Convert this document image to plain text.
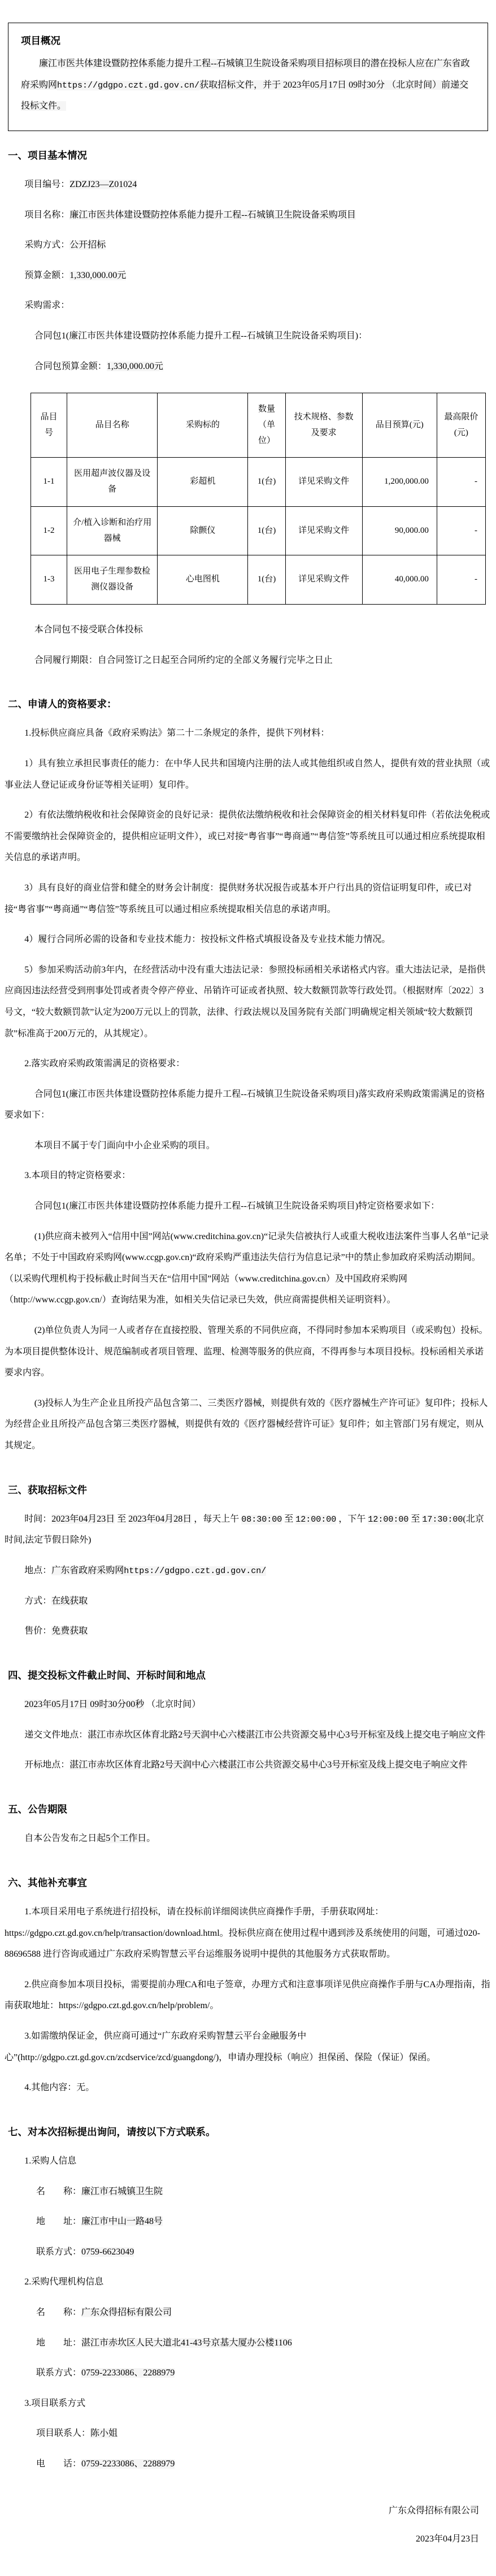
项目概况

廉江市医共体建设暨防控体系能力提升工程--石城镇卫生院设备采购项目招标项目的潜在投标人应在广东省政府采购网https://gdgpo.czt.gd.gov.cn/获取招标文件，并于 2023年05月17日 09时30分 （北京时间）前递交投标文件。

一、项目基本情况

项目编号：ZDZJ23—Z01024

项目名称：廉江市医共体建设暨防控体系能力提升工程--石城镇卫生院设备采购项目

采购方式：公开招标

预算金额：1,330,000.00元

采购需求：

合同包1(廉江市医共体建设暨防控体系能力提升工程--石城镇卫生院设备采购项目)：

合同包预算金额：1,330,000.00元

品目号	品目名称	采购标的	数量（单位）	技术规格、参数及要求	品目预算(元)	最高限价(元)
1-1	医用超声波仪器及设备	彩超机	1(台)	详见采购文件	1,200,000.00	-
1-2	介/植入诊断和治疗用器械	除颤仪	1(台)	详见采购文件	90,000.00	-
1-3	医用电子生理参数检测仪器设备	心电图机	1(台)	详见采购文件	40,000.00	-

本合同包不接受联合体投标

合同履行期限：自合同签订之日起至合同所约定的全部义务履行完毕之日止

二、申请人的资格要求：

1.投标供应商应具备《政府采购法》第二十二条规定的条件，提供下列材料：

1）具有独立承担民事责任的能力：在中华人民共和国境内注册的法人或其他组织或自然人，提供有效的营业执照（或事业法人登记证或身份证等相关证明）复印件。

2）有依法缴纳税收和社会保障资金的良好记录：提供依法缴纳税收和社会保障资金的相关材料复印件（若依法免税或不需要缴纳社会保障资金的，提供相应证明文件），或已对接“粤省事”“粤商通”“粤信签”等系统且可以通过相应系统提取相关信息的承诺声明。

3）具有良好的商业信誉和健全的财务会计制度：提供财务状况报告或基本开户行出具的资信证明复印件，或已对接“粤省事”“粤商通”“粤信签”等系统且可以通过相应系统提取相关信息的承诺声明。

4）履行合同所必需的设备和专业技术能力：按投标文件格式填报设备及专业技术能力情况。

5）参加采购活动前3年内，在经营活动中没有重大违法记录：参照投标函相关承诺格式内容。重大违法记录，是指供应商因违法经营受到刑事处罚或者责令停产停业、吊销许可证或者执照、较大数额罚款等行政处罚。（根据财库〔2022〕3号文，“较大数额罚款”认定为200万元以上的罚款，法律、行政法规以及国务院有关部门明确规定相关领域“较大数额罚款”标准高于200万元的，从其规定）。

2.落实政府采购政策需满足的资格要求：

合同包1(廉江市医共体建设暨防控体系能力提升工程--石城镇卫生院设备采购项目)落实政府采购政策需满足的资格要求如下：

本项目不属于专门面向中小企业采购的项目。

3.本项目的特定资格要求：

合同包1(廉江市医共体建设暨防控体系能力提升工程--石城镇卫生院设备采购项目)特定资格要求如下：

(1)供应商未被列入“信用中国”网站(www.creditchina.gov.cn)“记录失信被执行人或重大税收违法案件当事人名单”记录名单；不处于中国政府采购网(www.ccgp.gov.cn)“政府采购严重违法失信行为信息记录”中的禁止参加政府采购活动期间。（以采购代理机构于投标截止时间当天在“信用中国”网站（www.creditchina.gov.cn）及中国政府采购网（http://www.ccgp.gov.cn/）查询结果为准，如相关失信记录已失效，供应商需提供相关证明资料）。

(2)单位负责人为同一人或者存在直接控股、管理关系的不同供应商，不得同时参加本采购项目（或采购包）投标。为本项目提供整体设计、规范编制或者项目管理、监理、检测等服务的供应商，不得再参与本项目投标。投标函相关承诺要求内容。

(3)投标人为生产企业且所投产品包含第二、三类医疗器械，则提供有效的《医疗器械生产许可证》复印件；投标人为经营企业且所投产品包含第三类医疗器械，则提供有效的《医疗器械经营许可证》复印件；如主管部门另有规定，则从其规定。

三、获取招标文件

时间：2023年04月23日 至 2023年04月28日 ，每天上午 08:30:00 至 12:00:00 ，下午 12:00:00 至 17:30:00(北京时间,法定节假日除外)

地点：广东省政府采购网https://gdgpo.czt.gd.gov.cn/

方式：在线获取

售价：免费获取

四、提交投标文件截止时间、开标时间和地点

2023年05月17日 09时30分00秒 （北京时间）

递交文件地点：湛江市赤坎区体育北路2号天润中心六楼湛江市公共资源交易中心3号开标室及线上提交电子响应文件

开标地点：湛江市赤坎区体育北路2号天润中心六楼湛江市公共资源交易中心3号开标室及线上提交电子响应文件

五、公告期限

自本公告发布之日起5个工作日。

六、其他补充事宜

1.本项目采用电子系统进行招投标，请在投标前详细阅读供应商操作手册，手册获取网址：https://gdgpo.czt.gd.gov.cn/help/transaction/download.html。投标供应商在使用过程中遇到涉及系统使用的问题，可通过020-88696588 进行咨询或通过广东政府采购智慧云平台运维服务说明中提供的其他服务方式获取帮助。

2.供应商参加本项目投标，需要提前办理CA和电子签章，办理方式和注意事项详见供应商操作手册与CA办理指南，指南获取地址：https://gdgpo.czt.gd.gov.cn/help/problem/。

3.如需缴纳保证金，供应商可通过“广东政府采购智慧云平台金融服务中心”(http://gdgpo.czt.gd.gov.cn/zcdservice/zcd/guangdong/)，申请办理投标（响应）担保函、保险（保证）保函。

4.其他内容：无。

七、对本次招标提出询问，请按以下方式联系。

1.采购人信息

名　　称：廉江市石城镇卫生院

地　　址：廉江市中山一路48号

联系方式：0759-6623049

2.采购代理机构信息

名　　称：广东众得招标有限公司

地　　址：湛江市赤坎区人民大道北41-43号京基大厦办公楼1106

联系方式：0759-2233086、2288979

3.项目联系方式

项目联系人：陈小姐

电　　话：0759-2233086、2288979

广东众得招标有限公司

2023年04月23日
